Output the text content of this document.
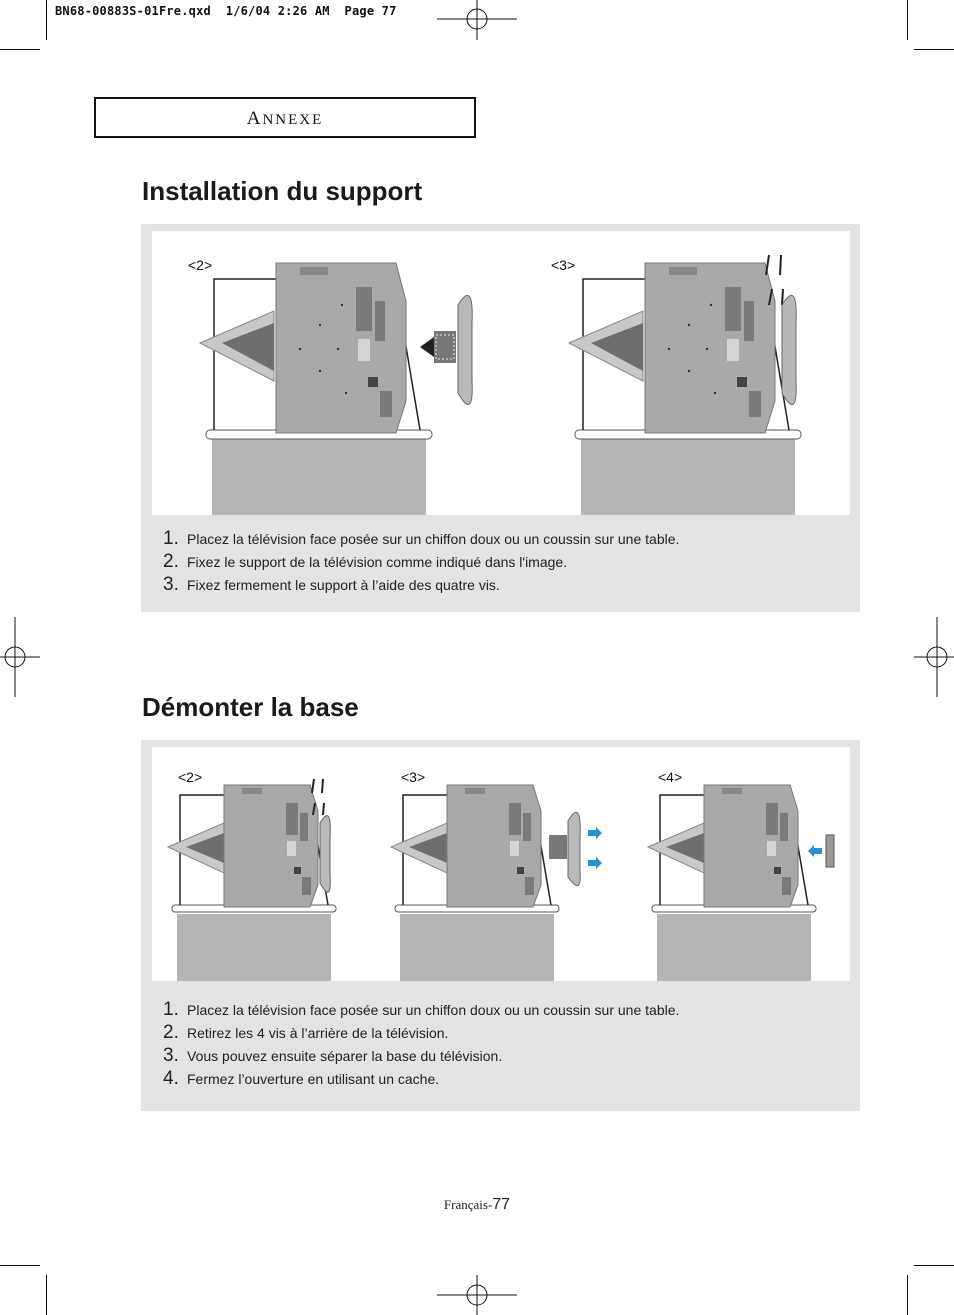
BN68-00883S-01Fre.qxd  1/6/04 2:26 AM  Page 77
ANNEXE
Installation du support
<2>	<3>
1. Placez la télévision face posée sur un chiffon doux ou un coussin sur une table.
2. Fixez le support de la télévision comme indiqué dans l'image.
3. Fixez fermement le support à l’aide des quatre vis.
Démonter la base
<2>	<3>	<4>
1. Placez la télévision face posée sur un chiffon doux ou un coussin sur une table.
2. Retirez les 4 vis à l’arrière de la télévision.
3. Vous pouvez ensuite séparer la base du télévision.
4. Fermez l’ouverture en utilisant un cache.
Français-77
